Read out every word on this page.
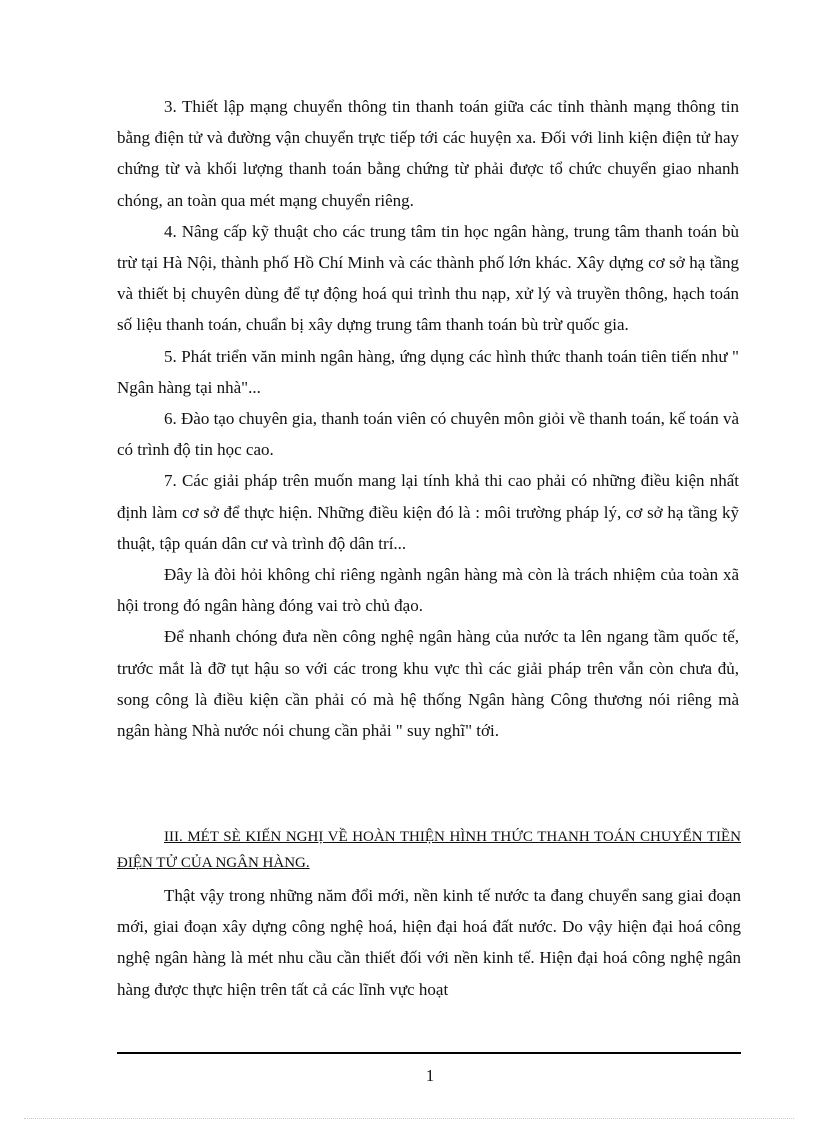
3. Thiết lập mạng chuyển thông tin thanh toán giữa các tỉnh thành mạng thông tin bằng điện tử và đường vận chuyển trực tiếp tới các huyện xa. Đối với linh kiện điện tử hay chứng từ và khối lượng thanh toán bằng chứng từ phải được tổ chức chuyển giao nhanh chóng, an toàn qua mét mạng chuyển riêng.

4. Nâng cấp kỹ thuật cho các trung tâm tin học ngân hàng, trung tâm thanh toán bù trừ tại Hà Nội, thành phố Hồ Chí Minh và các thành phố lớn khác. Xây dựng cơ sở hạ tầng và thiết bị chuyên dùng để tự động hoá qui trình thu nạp, xử lý và truyền thông, hạch toán số liệu thanh toán, chuẩn bị xây dựng trung tâm thanh toán bù trừ quốc gia.

5. Phát triển văn minh ngân hàng, ứng dụng các hình thức thanh toán tiên tiến như " Ngân hàng tại nhà"...

6. Đào tạo chuyên gia, thanh toán viên có chuyên môn giỏi về thanh toán, kế toán và có trình độ tin học cao.

7. Các giải pháp trên muốn mang lại tính khả thi cao phải có những điều kiện nhất định làm cơ sở để thực hiện. Những điều kiện đó là : môi trường pháp lý, cơ sở hạ tầng kỹ thuật, tập quán dân cư và trình độ dân trí...

Đây là đòi hỏi không chỉ riêng ngành ngân hàng mà còn là trách nhiệm của toàn xã hội trong đó ngân hàng đóng vai trò chủ đạo.

Để nhanh chóng đưa nền công nghệ ngân hàng của nước ta lên ngang tầm quốc tế, trước mắt là đỡ tụt hậu so với các trong khu vực thì các giải pháp trên vẫn còn chưa đủ, song công là điều kiện cần phải có mà hệ thống Ngân hàng Công thương nói riêng mà ngân hàng Nhà nước nói chung cần phải " suy nghĩ" tới.

III. MÉT SÈ KIẾN NGHỊ VỀ HOÀN THIỆN HÌNH THỨC THANH TOÁN CHUYỂN TIỀN ĐIỆN TỬ CỦA NGÂN HÀNG.

Thật vậy trong những năm đổi mới, nền kinh tế nước ta đang chuyển sang giai đoạn mới, giai đoạn xây dựng công nghệ hoá, hiện đại hoá đất nước. Do vậy hiện đại hoá công nghệ ngân hàng là mét nhu cầu cần thiết đối với nền kinh tế. Hiện đại hoá công nghệ ngân hàng được thực hiện trên tất cả các lĩnh vực hoạt

1
